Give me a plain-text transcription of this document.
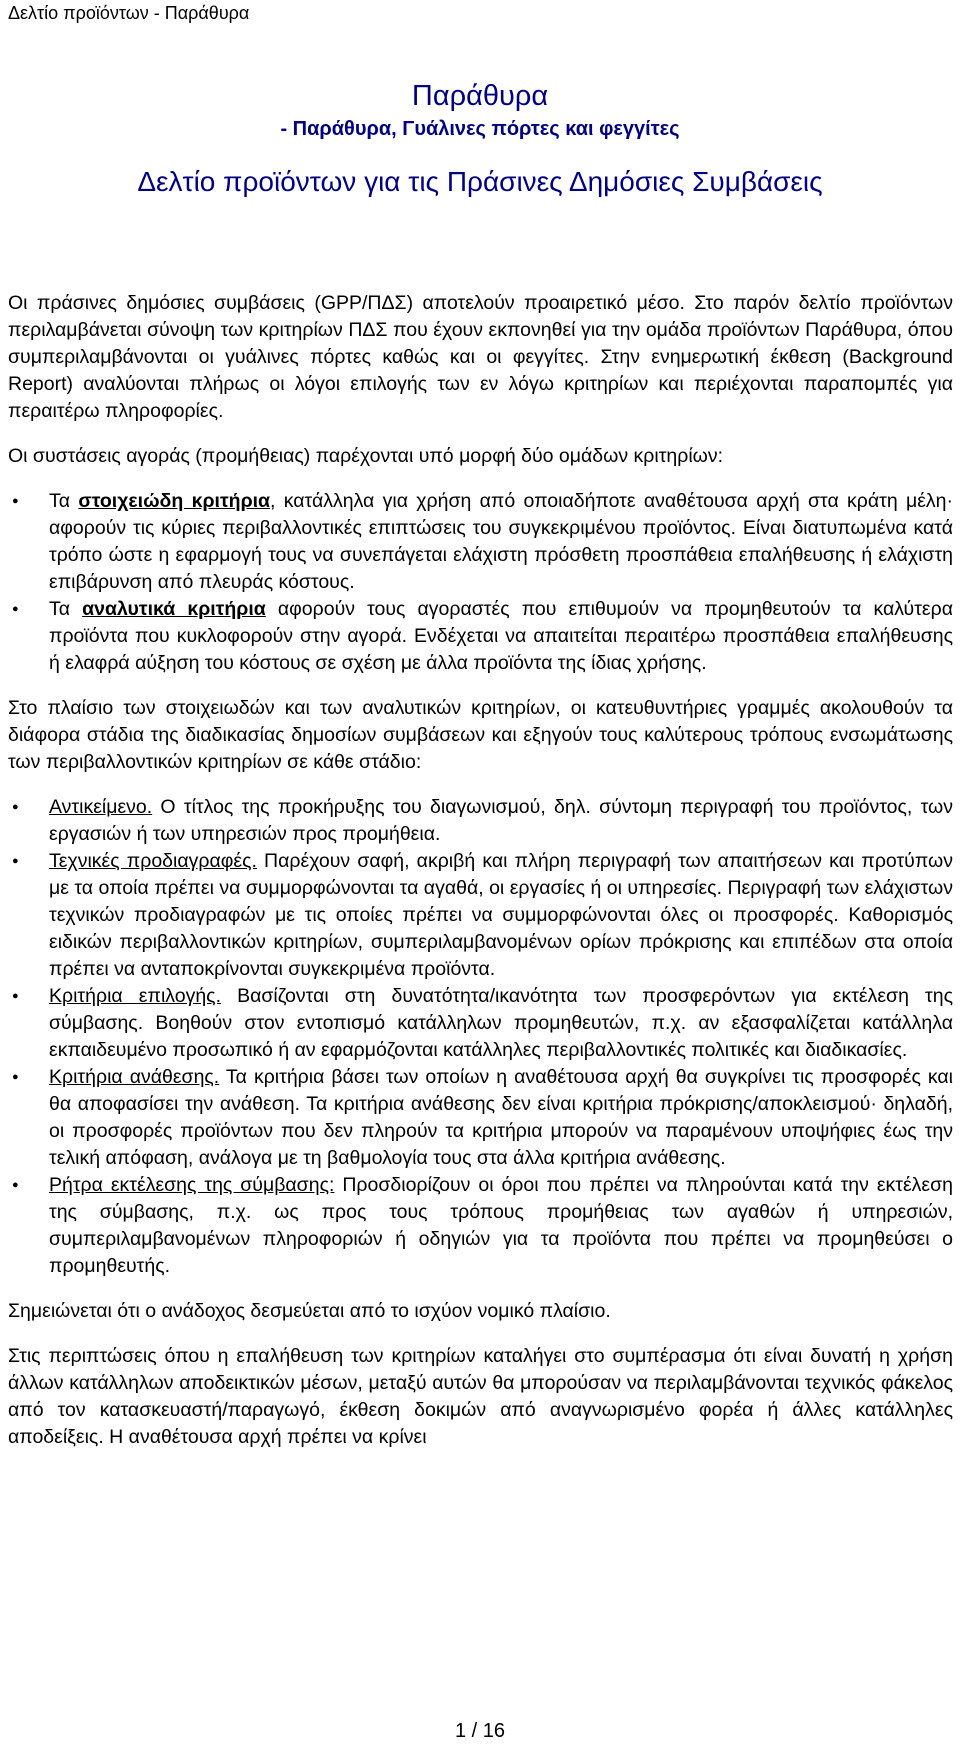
Δελτίο προϊόντων - Παράθυρα
Παράθυρα
- Παράθυρα, Γυάλινες πόρτες και φεγγίτες
Δελτίο προϊόντων για τις Πράσινες Δημόσιες Συμβάσεις

Οι πράσινες δημόσιες συμβάσεις (GPP/ΠΔΣ) αποτελούν προαιρετικό μέσο. Στο παρόν δελτίο προϊόντων περιλαμβάνεται σύνοψη των κριτηρίων ΠΔΣ που έχουν εκπονηθεί για την ομάδα προϊόντων Παράθυρα, όπου συμπεριλαμβάνονται οι γυάλινες πόρτες καθώς και οι φεγγίτες. Στην ενημερωτική έκθεση (Background Report) αναλύονται πλήρως οι λόγοι επιλογής των εν λόγω κριτηρίων και περιέχονται παραπομπές για περαιτέρω πληροφορίες.

Οι συστάσεις αγοράς (προμήθειας) παρέχονται υπό μορφή δύο ομάδων κριτηρίων:

● Τα στοιχειώδη κριτήρια, κατάλληλα για χρήση από οποιαδήποτε αναθέτουσα αρχή στα κράτη μέλη· αφορούν τις κύριες περιβαλλοντικές επιπτώσεις του συγκεκριμένου προϊόντος. Είναι διατυπωμένα κατά τρόπο ώστε η εφαρμογή τους να συνεπάγεται ελάχιστη πρόσθετη προσπάθεια επαλήθευσης ή ελάχιστη επιβάρυνση από πλευράς κόστους.
● Τα αναλυτικά κριτήρια αφορούν τους αγοραστές που επιθυμούν να προμηθευτούν τα καλύτερα προϊόντα που κυκλοφορούν στην αγορά. Ενδέχεται να απαιτείται περαιτέρω προσπάθεια επαλήθευσης ή ελαφρά αύξηση του κόστους σε σχέση με άλλα προϊόντα της ίδιας χρήσης.

Στο πλαίσιο των στοιχειωδών και των αναλυτικών κριτηρίων, οι κατευθυντήριες γραμμές ακολουθούν τα διάφορα στάδια της διαδικασίας δημοσίων συμβάσεων και εξηγούν τους καλύτερους τρόπους ενσωμάτωσης των περιβαλλοντικών κριτηρίων σε κάθε στάδιο:

● Αντικείμενο. Ο τίτλος της προκήρυξης του διαγωνισμού, δηλ. σύντομη περιγραφή του προϊόντος, των εργασιών ή των υπηρεσιών προς προμήθεια.
● Τεχνικές προδιαγραφές. Παρέχουν σαφή, ακριβή και πλήρη περιγραφή των απαιτήσεων και προτύπων με τα οποία πρέπει να συμμορφώνονται τα αγαθά, οι εργασίες ή οι υπηρεσίες. Περιγραφή των ελάχιστων τεχνικών προδιαγραφών με τις οποίες πρέπει να συμμορφώνονται όλες οι προσφορές. Καθορισμός ειδικών περιβαλλοντικών κριτηρίων, συμπεριλαμβανομένων ορίων πρόκρισης και επιπέδων στα οποία πρέπει να ανταποκρίνονται συγκεκριμένα προϊόντα.
● Κριτήρια επιλογής. Βασίζονται στη δυνατότητα/ικανότητα των προσφερόντων για εκτέλεση της σύμβασης. Βοηθούν στον εντοπισμό κατάλληλων προμηθευτών, π.χ. αν εξασφαλίζεται κατάλληλα εκπαιδευμένο προσωπικό ή αν εφαρμόζονται κατάλληλες περιβαλλοντικές πολιτικές και διαδικασίες.
● Κριτήρια ανάθεσης. Τα κριτήρια βάσει των οποίων η αναθέτουσα αρχή θα συγκρίνει τις προσφορές και θα αποφασίσει την ανάθεση. Τα κριτήρια ανάθεσης δεν είναι κριτήρια πρόκρισης/αποκλεισμού· δηλαδή, οι προσφορές προϊόντων που δεν πληρούν τα κριτήρια μπορούν να παραμένουν υποψήφιες έως την τελική απόφαση, ανάλογα με τη βαθμολογία τους στα άλλα κριτήρια ανάθεσης.
● Ρήτρα εκτέλεσης της σύμβασης: Προσδιορίζουν οι όροι που πρέπει να πληρούνται κατά την εκτέλεση της σύμβασης, π.χ. ως προς τους τρόπους προμήθειας των αγαθών ή υπηρεσιών, συμπεριλαμβανομένων πληροφοριών ή οδηγιών για τα προϊόντα που πρέπει να προμηθεύσει ο προμηθευτής.

Σημειώνεται ότι ο ανάδοχος δεσμεύεται από το ισχύον νομικό πλαίσιο.

Στις περιπτώσεις όπου η επαλήθευση των κριτηρίων καταλήγει στο συμπέρασμα ότι είναι δυνατή η χρήση άλλων κατάλληλων αποδεικτικών μέσων, μεταξύ αυτών θα μπορούσαν να περιλαμβάνονται τεχνικός φάκελος από τον κατασκευαστή/παραγωγό, έκθεση δοκιμών από αναγνωρισμένο φορέα ή άλλες κατάλληλες αποδείξεις. Η αναθέτουσα αρχή πρέπει να κρίνει

1 / 16
